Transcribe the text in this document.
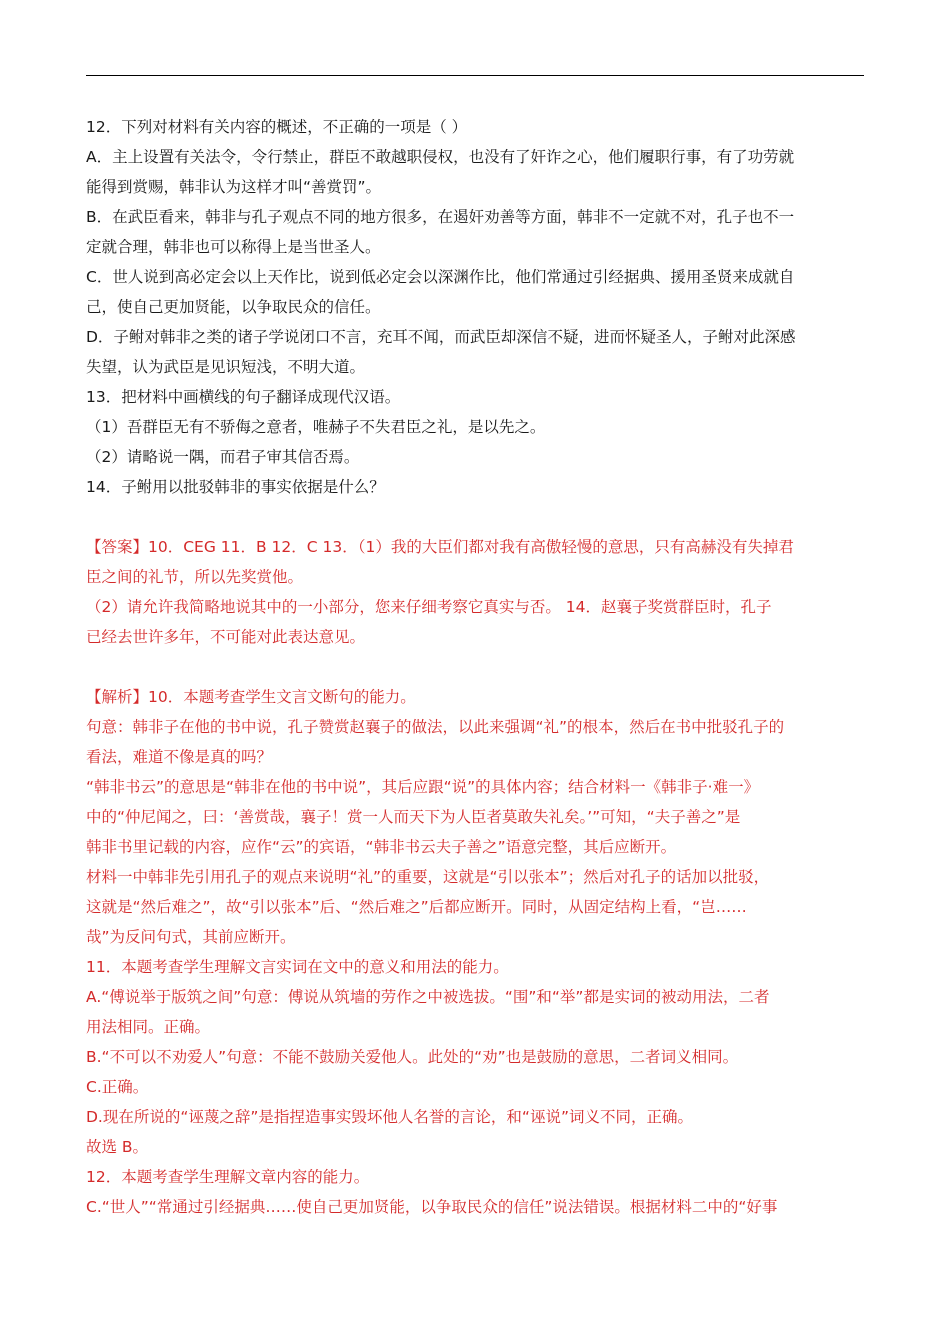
12．下列对材料有关内容的概述，不正确的一项是（ ）
A．主上设置有关法令，令行禁止，群臣不敢越职侵权，也没有了奸诈之心，他们履职行事，有了功劳就
能得到赏赐，韩非认为这样才叫“善赏罚”。
B．在武臣看来，韩非与孔子观点不同的地方很多，在遏奸劝善等方面，韩非不一定就不对，孔子也不一
定就合理，韩非也可以称得上是当世圣人。
C．世人说到高必定会以上天作比，说到低必定会以深渊作比，他们常通过引经据典、援用圣贤来成就自
己，使自己更加贤能，以争取民众的信任。
D．子鲋对韩非之类的诸子学说闭口不言，充耳不闻，而武臣却深信不疑，进而怀疑圣人，子鲋对此深感
失望，认为武臣是见识短浅，不明大道。
13．把材料中画横线的句子翻译成现代汉语。
（1）吾群臣无有不骄侮之意者，唯赫子不失君臣之礼，是以先之。
（2）请略说一隅，而君子审其信否焉。
14．子鲋用以批驳韩非的事实依据是什么？
【答案】10．CEG 11．B 12．C 13．（1）我的大臣们都对我有高傲轻慢的意思，只有高赫没有失掉君
臣之间的礼节，所以先奖赏他。
（2）请允许我简略地说其中的一小部分，您来仔细考察它真实与否。 14．赵襄子奖赏群臣时，孔子
已经去世许多年，不可能对此表达意见。
【解析】10．本题考查学生文言文断句的能力。
句意：韩非子在他的书中说，孔子赞赏赵襄子的做法，以此来强调“礼”的根本，然后在书中批驳孔子的
看法，难道不像是真的吗？
“韩非书云”的意思是“韩非在他的书中说”，其后应跟“说”的具体内容；结合材料一《韩非子·难一》
中的“仲尼闻之，曰：‘善赏哉，襄子！赏一人而天下为人臣者莫敢失礼矣。’”可知，“夫子善之”是
韩非书里记载的内容，应作“云”的宾语，“韩非书云夫子善之”语意完整，其后应断开。
材料一中韩非先引用孔子的观点来说明“礼”的重要，这就是“引以张本”；然后对孔子的话加以批驳，
这就是“然后难之”，故“引以张本”后、“然后难之”后都应断开。同时，从固定结构上看，“岂……
哉”为反问句式，其前应断开。
11．本题考查学生理解文言实词在文中的意义和用法的能力。
A.“傅说举于版筑之间”句意：傅说从筑墙的劳作之中被选拔。“围”和“举”都是实词的被动用法，二者
用法相同。正确。
B.“不可以不劝爱人”句意：不能不鼓励关爱他人。此处的“劝”也是鼓励的意思，二者词义相同。
C.正确。
D.现在所说的“诬蔑之辞”是指捏造事实毁坏他人名誉的言论，和“诬说”词义不同，正确。
故选 B。
12．本题考查学生理解文章内容的能力。
C.“世人”“常通过引经据典……使自己更加贤能，以争取民众的信任”说法错误。根据材料二中的“好事
